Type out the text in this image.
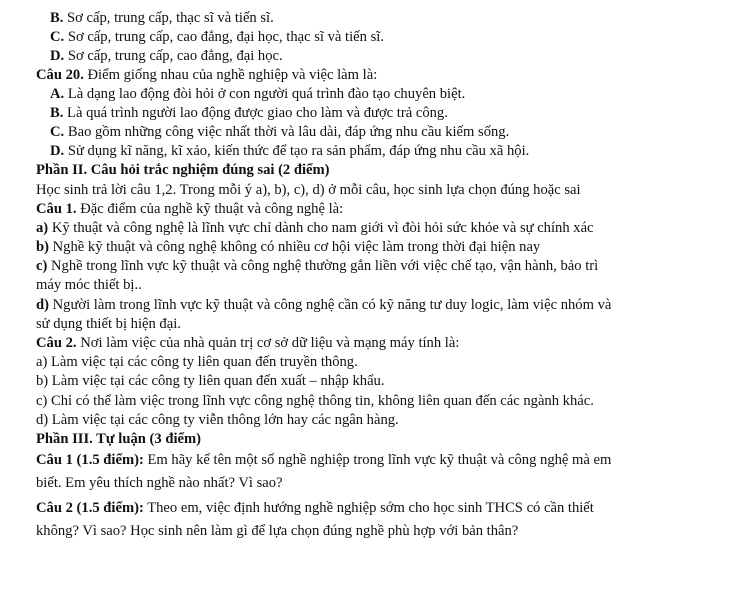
B. Sơ cấp, trung cấp, thạc sĩ và tiến sĩ.
C. Sơ cấp, trung cấp, cao đẳng, đại học, thạc sĩ và tiến sĩ.
D. Sơ cấp, trung cấp, cao đẳng, đại học.
Câu 20. Điểm giống nhau của nghề nghiệp và việc làm là:
A. Là dạng lao động đòi hỏi ở con người quá trình đào tạo chuyên biệt.
B. Là quá trình người lao động được giao cho làm và được trả công.
C. Bao gồm những công việc nhất thời và lâu dài, đáp ứng nhu cầu kiếm sống.
D. Sử dụng kĩ năng, kĩ xảo, kiến thức để tạo ra sản phẩm, đáp ứng nhu cầu xã hội.
Phần II. Câu hỏi trắc nghiệm đúng sai (2 điểm)
Học sinh trả lời câu 1,2. Trong mỗi ý a), b), c), d) ở mỗi câu, học sinh lựa chọn đúng hoặc sai
Câu 1. Đặc điểm của nghề kỹ thuật và công nghệ là:
a) Kỹ thuật và công nghệ là lĩnh vực chỉ dành cho nam giới vì đòi hỏi sức khỏe và sự chính xác
b) Nghề kỹ thuật và công nghệ không có nhiều cơ hội việc làm trong thời đại hiện nay
c) Nghề trong lĩnh vực kỹ thuật và công nghệ thường gắn liền với việc chế tạo, vận hành, bảo trì
máy móc thiết bị..
d) Người làm trong lĩnh vực kỹ thuật và công nghệ cần có kỹ năng tư duy logic, làm việc nhóm và
sử dụng thiết bị hiện đại.
Câu 2. Nơi làm việc của nhà quản trị cơ sở dữ liệu và mạng máy tính là:
a) Làm việc tại các công ty liên quan đến truyền thông.
b) Làm việc tại các công ty liên quan đến xuất – nhập khẩu.
c) Chỉ có thể làm việc trong lĩnh vực công nghệ thông tin, không liên quan đến các ngành khác.
d) Làm việc tại các công ty viễn thông lớn hay các ngân hàng.
Phần III. Tự luận (3 điểm)
Câu 1 (1.5 điểm): Em hãy kể tên một số nghề nghiệp trong lĩnh vực kỹ thuật và công nghệ mà em
biết. Em yêu thích nghề nào nhất? Vì sao?
Câu 2 (1.5 điểm): Theo em, việc định hướng nghề nghiệp sớm cho học sinh THCS có cần thiết
không? Vì sao? Học sinh nên làm gì để lựa chọn đúng nghề phù hợp với bản thân?
